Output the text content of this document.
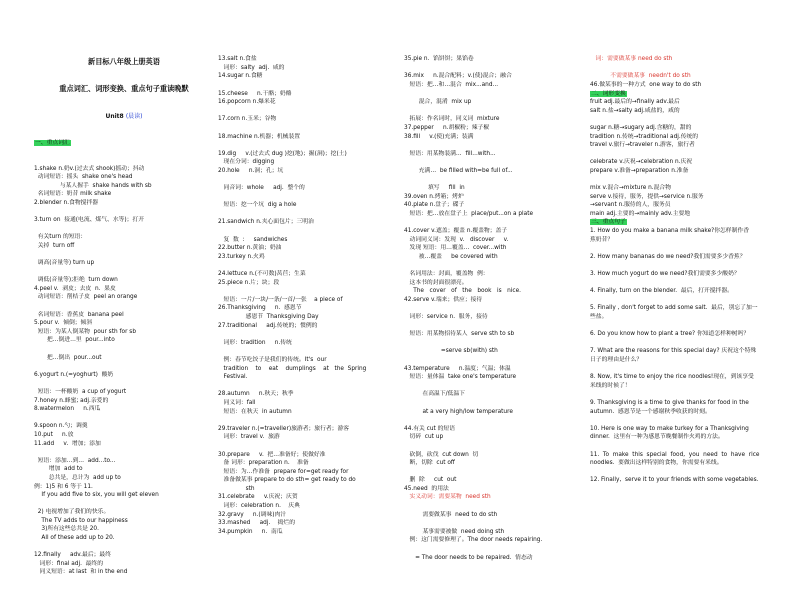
新目标八年级上册英语

重点词汇、词形变换、重点句子重读晚默

Unit8 (晨读)

一、重点词汇

1.shake n.奶v.(过去式 shook)摇动；抖动
动词短语：摇头  shake one's head
与某人握手  shake hands with sb
名词短语：奶昔 milk shake
2.blender n.食物搅拌器

3.turn on  接通(电流、煤气、水等)；打开

有关turn 的短语：
关掉  turn off

调高(音量等) turn up

调低(音量等);拒绝  turn down
4.peel v.  剥皮；去皮  n.  果皮
动词短语：削桔子皮  peel an orange

名词短语：香蕉皮  banana peel
5.pour v.  倾倒；倾斜
短语：为某人倒某物  pour sth for sb
把…倒进…里  pour...into

把…倒出  pour...out

6.yogurt n.(=yoghurt)  酸奶

短语：一杯酸奶  a cup of yogurt
7.honey n.蜂蜜; adj.亲爱的
8.watermelon     n.西瓜

9.spoon n.勺；调羹
10.put     n.放
11.add     v.  增加；添加

短语：添加…到…  add...to...
增加  add to
总共是，总计为  add up to
例：1)5 和 6 等于 11.
If you add five to six, you will get eleven

2) 电视增加了我们的快乐。
The TV adds to our happiness
3)所有这些总共是 20.
All of these add up to 20.

12.finally     adv.最后；最终
词形：final adj.  最终的
同义短语：at last  和 in the end

13.salt n.食盐
词形：salty  adj.  咸的
14.sugar n.食糖

15.cheese     n.干酪；奶酪
16.popcorn n.爆米花

17.corn n.玉米；谷物

18.machine n.机器；机械装置

19.dig     v.(过去式 dug )挖(地)；掘(洞)；挖(土)
现在分词：digging
20.hole     n.洞；孔；坑

同音词：whole     adj.  整个的

短语：挖一个坑  dig a hole

21.sandwich n.夹心面包片；三明治

复  数  :     sandwiches
22.butter n.黄油；奶油
23.turkey n.火鸡

24.lettuce n.(不可数)莴苣；生菜
25.piece n.片；块；段

短语：一片/一块/一条/一首/一张    a piece of
26.Thanksgiving     n.  感恩节
感恩节  Thanksgiving Day
27.traditional     adj.传统的；惯例的

词形：tradition     n.传统

例：春节吃饺子是我们的传统。It's  our
tradition    to    eat    dumplings    at   the  Spring
Festival.

28.autumn     n.秋天；秋季
同义词：fall
短语：在秋天  in autumn

29.traveler n.(=traveller)旅游者；旅行者；游客
词形：travel v.  旅游

30.prepare     v.  把…准备好；使做好准
备 词形：preparation n.    准备
短语：为…作准备  prepare for=get ready for
准备做某事 prepare to do sth= get ready to do
sth
31.celebrate     v.庆祝；庆贺
词形：celebration n.    庆典
32.gravy     n.(调味)肉汁
33.mashed     adj.    捣烂的
34.pumpkin     n.  南瓜

35.pie n.  馅饼饼；果馅卷

36.mix     n.混合配料；v.(使)混合；融合
短语：把…和…混合  mix...and...

混合，混淆  mix up

拓展：作名词时，同义词  mixture
37.pepper     n.胡椒粉；辣子椒
38.fill     v.(使)充满；装满

短语：用某物装满…  fill...with...

充满…  be filled with=be full of...

填写     fill  in
39.oven n.烤箱；烤炉
40.plate n.盘子；碟子
短语：把…放在盘子上  place/put...on a plate

41.cover v.遮盖；覆盖 n.覆盖物；盖子
动词同义词：发现  v.   discover     v.
发现 短语：用…覆盖…  cover...with
被…覆盖     be covered with

名词用法：封面，覆盖物  例：
这本书的封面很漂亮。
The   cover   of   the   book   is   nice.
42.serve v.端来；供应；接待

词形：service n.  服务，接待

短语：用某物招待某人  serve sth to sb

=serve sb(with) sth

43.temperature     n.温度；气温；体温
短语：量体温  take one's temperature

在高温下/低温下

at a very high/low temperature

44.有关 cut 的短语
切碎  cut up

砍倒，砍伐  cut down  切
断，切除  cut off

删  除     cut  out
45.need  的用法
实义动词：需要某物  need sth

需要做某事  need to do sth

某事需要被做  need doing sth
例：这门需要修理了。The door needs repairing.

= The door needs to be repaired.  情态动

词：需要做某事 need do sth

不需要做某事  needn't do sth
46.做某事的一种方式  one way to do sth
二、词形变换
fruit adj.最后的→finally adv.最后
salt n.盐→salty adj.咸盐的，咸的

sugar n.糖→sugary adj.含糖的，甜的
tradition n.传统→traditional adj.传统的
travel v.旅行→traveler n.游客，旅行者

celebrate v.庆祝→celebration n.庆祝
prepare v.准备→preparation n.准备

mix v.混合→mixture n.混合物
serve v.接待，服务，提供→service n.服务
→servant n.服侍的人，服务员
main adj.主要的→mainly adv.主要地
三、重点句子
1. How do you make a banana milk shake?你怎样制作香
蕉奶昔？

2. How many bananas do we need?我们需要多少香蕉？

3. How much yogurt do we need?我们需要多少酸奶？

4. Finally, turn on the blender.  最后，打开搅拌器。

5. Finally , don't forget to add some salt.  最后，别忘了加一
些盐。

6. Do you know how to plant a tree? 你知道怎样种树吗？

7. What are the reasons for this special day? 庆祝这个特殊
日子的理由是什么？

8. Now, it's time to enjoy the rice noodles!现在，到该享受
米线的时候了！

9. Thanksgiving is a time to give thanks for food in the
autumn.  感恩节是一个感谢秋季收获的时刻。

10. Here is one way to make turkey for a Thanksgiving
dinner.  这里有一种为感恩节晚餐制作火鸡的方法。

11.  To  make  this  special  food,  you  need  to  have  rice
noodles.  要做出这样特别的食物，你需要有米线。

12. Finally,  serve it to your friends with some vegetables.
